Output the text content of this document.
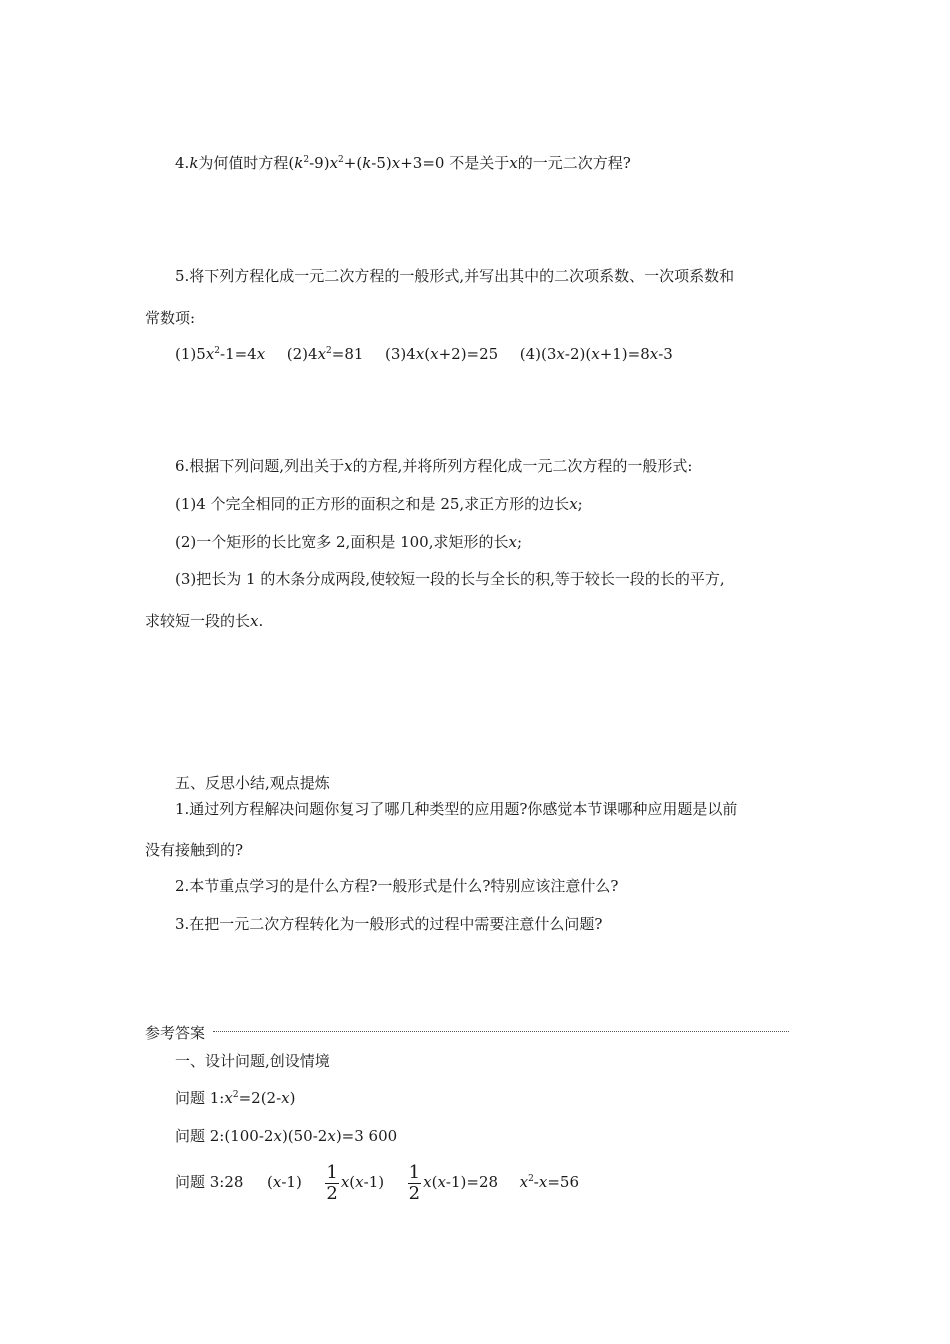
4.k为何值时方程$(k^2-9)x^2+(k-5)x+3=0$ 不是关于x的一元二次方程?
5.将下列方程化成一元二次方程的一般形式,并写出其中的二次项系数、一次项系数和
常数项:
$(1)5x^2-1=4x$ $(2)4x^2=81$ (3)4x(x+2)=25 (4)(3x-2)(x+1)=8x-3
6.根据下列问题,列出关于x的方程,并将所列方程化成一元二次方程的一般形式:
(1)4 个完全相同的正方形的面积之和是 25,求正方形的边长x;
(2)一个矩形的长比宽多 2,面积是 100,求矩形的长x;
(3)把长为 1 的木条分成两段,使较短一段的长与全长的积,等于较长一段的长的平方,
求较短一段的长x.
五、反思小结,观点提炼
1.通过列方程解决问题你复习了哪几种类型的应用题?你感觉本节课哪种应用题是以前
没有接触到的?
2.本节重点学习的是什么方程?一般形式是什么?特别应该注意什么?
3.在把一元二次方程转化为一般形式的过程中需要注意什么问题?
参考答案
一、设计问题,创设情境
问题 $1:x^2=2(2-x)$
问题 2:(100-2x)(50-2x)=3 600
问题 3:28 $(x-1) \frac{1}{2} x(x-1) \frac{1}{2} x(x-1)=28$ $x^2-x=56$
